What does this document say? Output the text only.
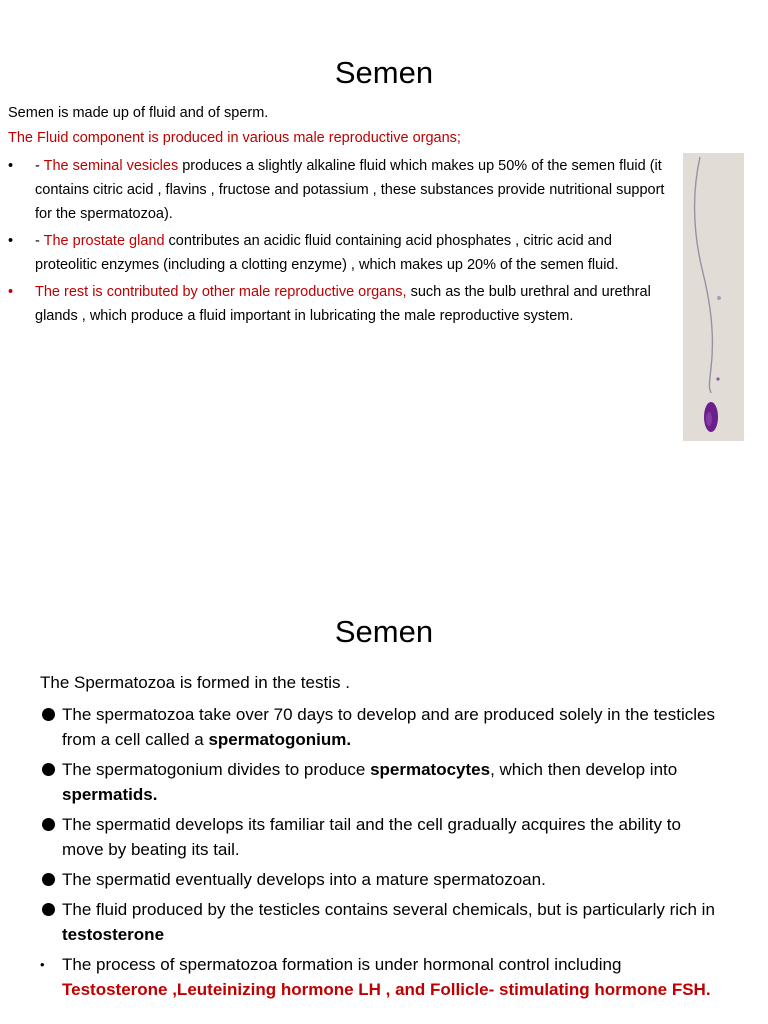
Semen

Semen is made up of fluid and of sperm.

The Fluid component is produced in various male reproductive organs;

• - The seminal vesicles produces a slightly alkaline fluid which makes up 50% of the semen fluid (it contains citric acid , flavins , fructose and potassium , these substances provide nutritional support for the spermatozoa).
• - The prostate gland contributes an acidic fluid containing acid phosphates , citric acid and proteolitic enzymes (including a clotting enzyme) , which makes up 20% of the semen fluid.
• The rest is contributed by other male reproductive organs, such as the bulb urethral and urethral glands , which produce a fluid important in lubricating the male reproductive system.
Semen

The Spermatozoa is formed in the testis .

The spermatozoa take over 70 days to develop and are produced solely in the testicles from a cell called a spermatogonium.
The spermatogonium divides to produce spermatocytes, which then develop into spermatids.
The spermatid develops its familiar tail and the cell gradually acquires the ability to move by beating its tail.
The spermatid eventually develops into a mature spermatozoan.
The fluid produced by the testicles contains several chemicals, but is particularly rich in testosterone
• The process of spermatozoa formation is under hormonal control including Testosterone ,Leuteinizing hormone LH , and Follicle- stimulating hormone FSH.
